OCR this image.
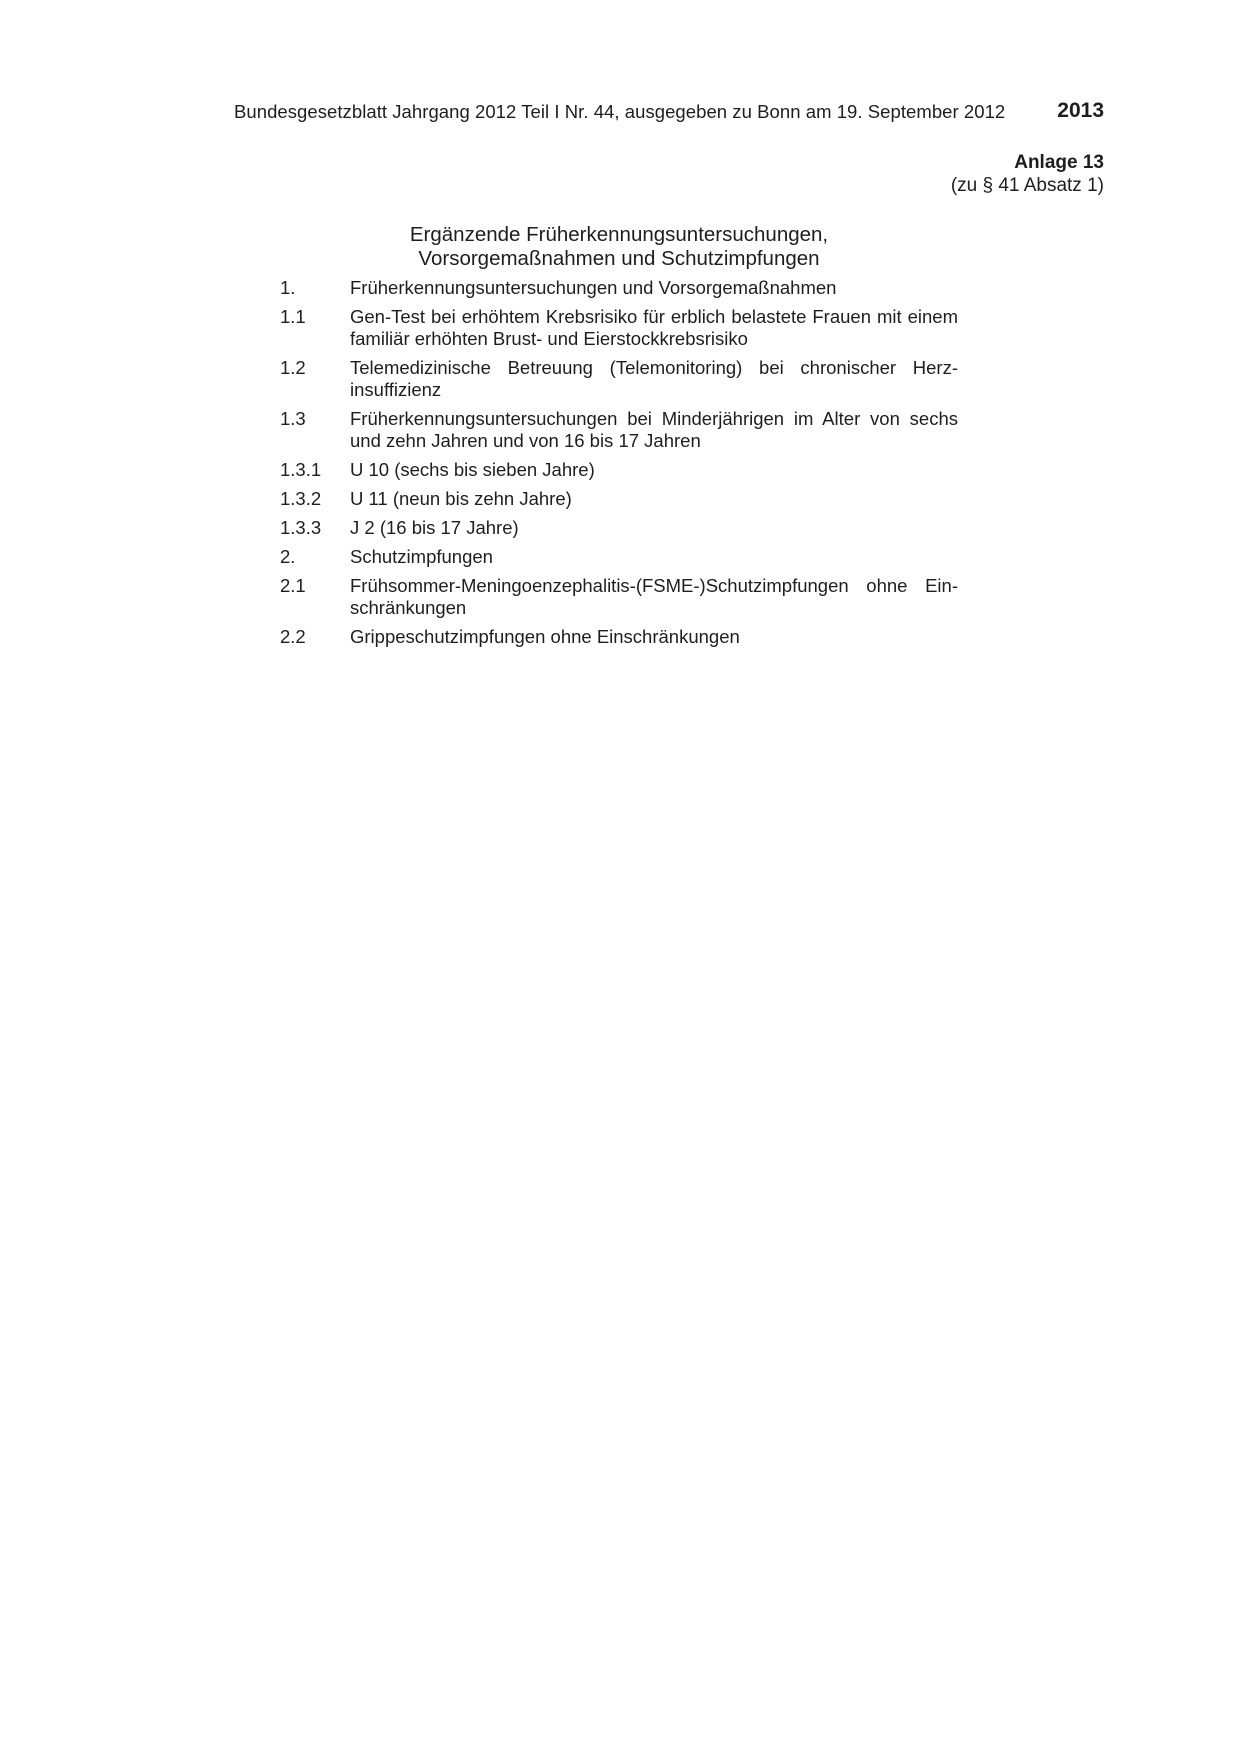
Bundesgesetzblatt Jahrgang 2012 Teil I Nr. 44, ausgegeben zu Bonn am 19. September 2012 2013
Anlage 13
(zu § 41 Absatz 1)
Ergänzende Früherkennungsuntersuchungen,
Vorsorgemaßnahmen und Schutzimpfungen
1.	Früherkennungsuntersuchungen und Vorsorgemaßnahmen
1.1	Gen-Test bei erhöhtem Krebsrisiko für erblich belastete Frauen mit einem familiär erhöhten Brust- und Eierstockkrebsrisiko
1.2	Telemedizinische Betreuung (Telemonitoring) bei chronischer Herz-insuffizienz
1.3	Früherkennungsuntersuchungen bei Minderjährigen im Alter von sechs und zehn Jahren und von 16 bis 17 Jahren
1.3.1	U 10 (sechs bis sieben Jahre)
1.3.2	U 11 (neun bis zehn Jahre)
1.3.3	J 2 (16 bis 17 Jahre)
2.	Schutzimpfungen
2.1	Frühsommer-Meningoenzephalitis-(FSME-)Schutzimpfungen ohne Ein-schränkungen
2.2	Grippeschutzimpfungen ohne Einschränkungen
